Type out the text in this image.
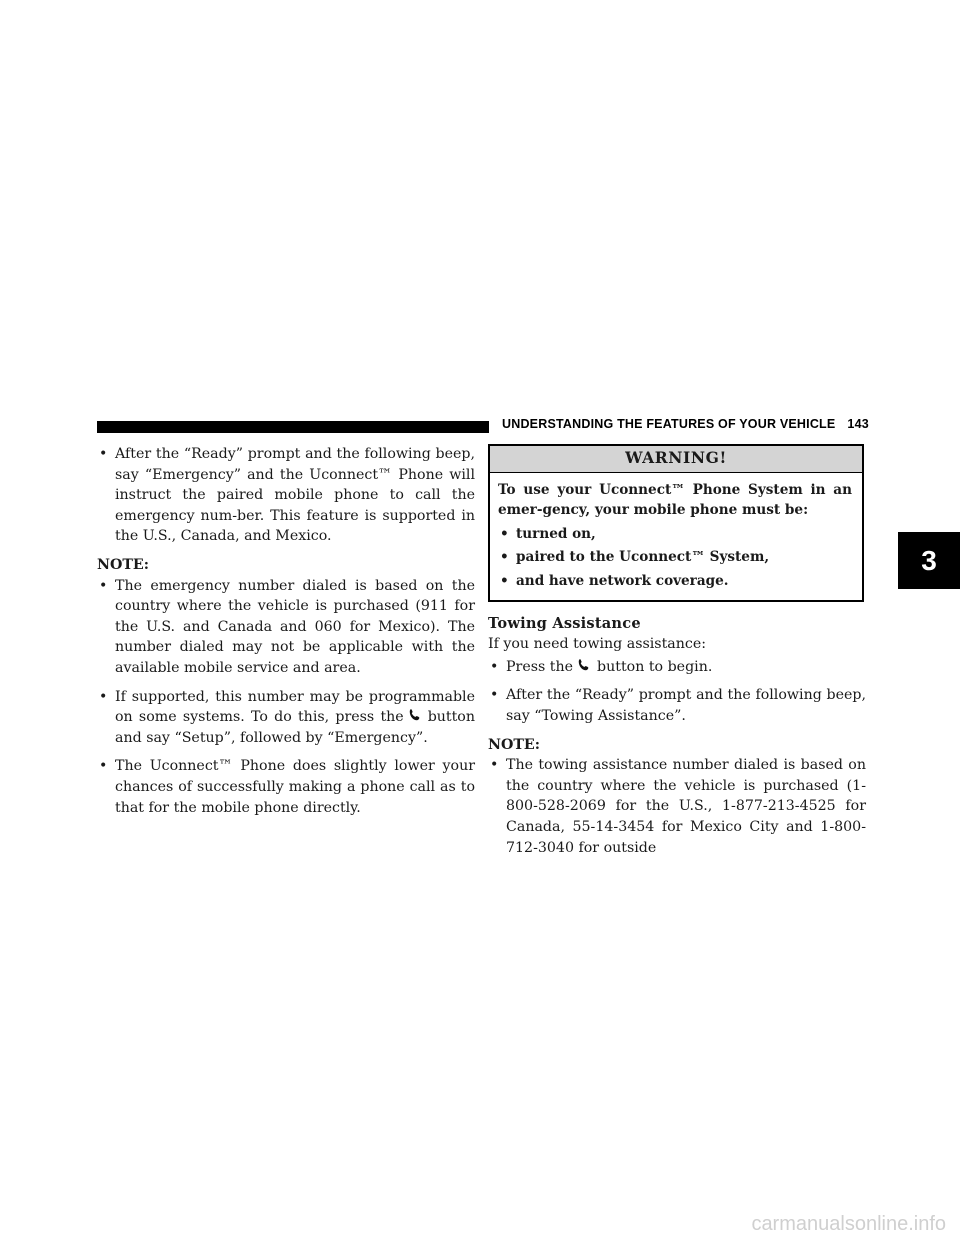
UNDERSTANDING THE FEATURES OF YOUR VEHICLE 143
3
• After the “Ready” prompt and the following beep, say “Emergency” and the Uconnect™ Phone will instruct the paired mobile phone to call the emergency num-ber. This feature is supported in the U.S., Canada, and Mexico.
NOTE:
• The emergency number dialed is based on the country where the vehicle is purchased (911 for the U.S. and Canada and 060 for Mexico). The number dialed may not be applicable with the available mobile service and area.
• If supported, this number may be programmable on some systems. To do this, press the button and say “Setup”, followed by “Emergency”.
• The Uconnect™ Phone does slightly lower your chances of successfully making a phone call as to that for the mobile phone directly.
WARNING!
To use your Uconnect™ Phone System in an emer-gency, your mobile phone must be:
• turned on,
• paired to the Uconnect™ System,
• and have network coverage.
Towing Assistance
If you need towing assistance:
• Press the button to begin.
• After the “Ready” prompt and the following beep, say “Towing Assistance”.
NOTE:
• The towing assistance number dialed is based on the country where the vehicle is purchased (1-800-528-2069 for the U.S., 1-877-213-4525 for Canada, 55-14-3454 for Mexico City and 1-800-712-3040 for outside
carmanualsonline.info
